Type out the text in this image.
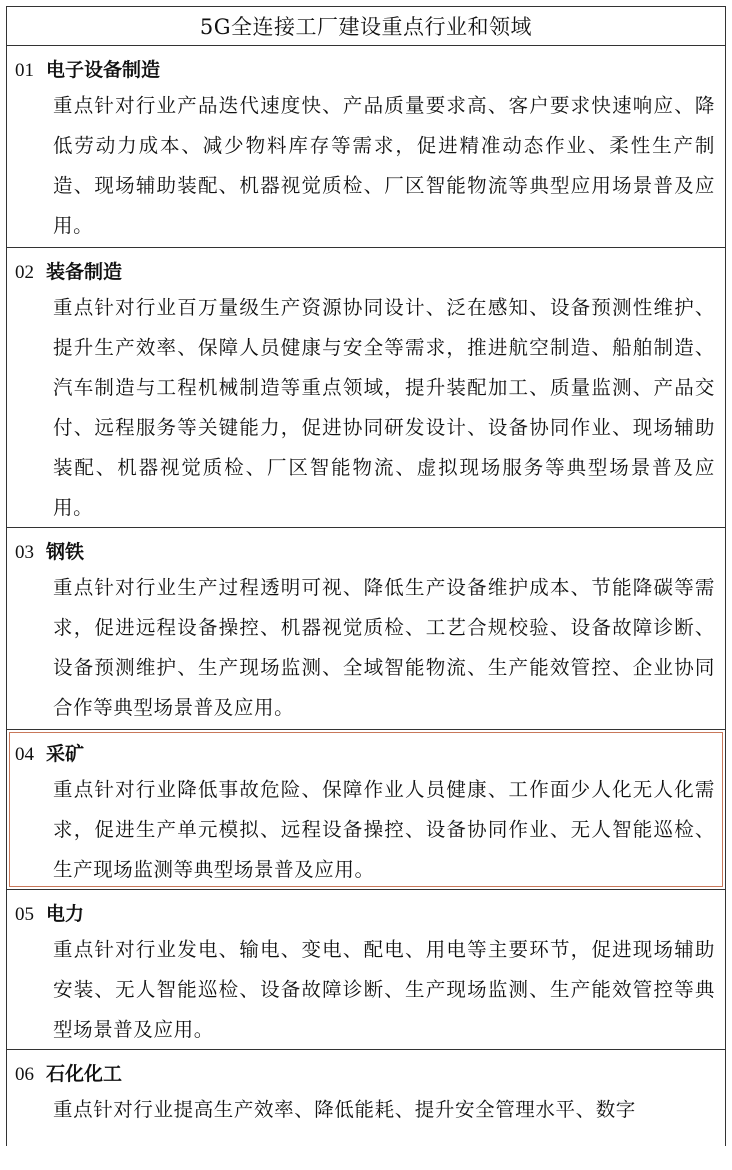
5G全连接工厂建设重点行业和领域
01 电子设备制造
重点针对行业产品迭代速度快、产品质量要求高、客户要求快速响应、降低劳动力成本、减少物料库存等需求，促进精准动态作业、柔性生产制造、现场辅助装配、机器视觉质检、厂区智能物流等典型应用场景普及应用。
02 装备制造
重点针对行业百万量级生产资源协同设计、泛在感知、设备预测性维护、提升生产效率、保障人员健康与安全等需求，推进航空制造、船舶制造、汽车制造与工程机械制造等重点领域，提升装配加工、质量监测、产品交付、远程服务等关键能力，促进协同研发设计、设备协同作业、现场辅助装配、机器视觉质检、厂区智能物流、虚拟现场服务等典型场景普及应用。
03 钢铁
重点针对行业生产过程透明可视、降低生产设备维护成本、节能降碳等需求，促进远程设备操控、机器视觉质检、工艺合规校验、设备故障诊断、设备预测维护、生产现场监测、全域智能物流、生产能效管控、企业协同合作等典型场景普及应用。
04 采矿
重点针对行业降低事故危险、保障作业人员健康、工作面少人化无人化需求，促进生产单元模拟、远程设备操控、设备协同作业、无人智能巡检、生产现场监测等典型场景普及应用。
05 电力
重点针对行业发电、输电、变电、配电、用电等主要环节，促进现场辅助安装、无人智能巡检、设备故障诊断、生产现场监测、生产能效管控等典型场景普及应用。
06 石化化工
重点针对行业提高生产效率、降低能耗、提升安全管理水平、数字
